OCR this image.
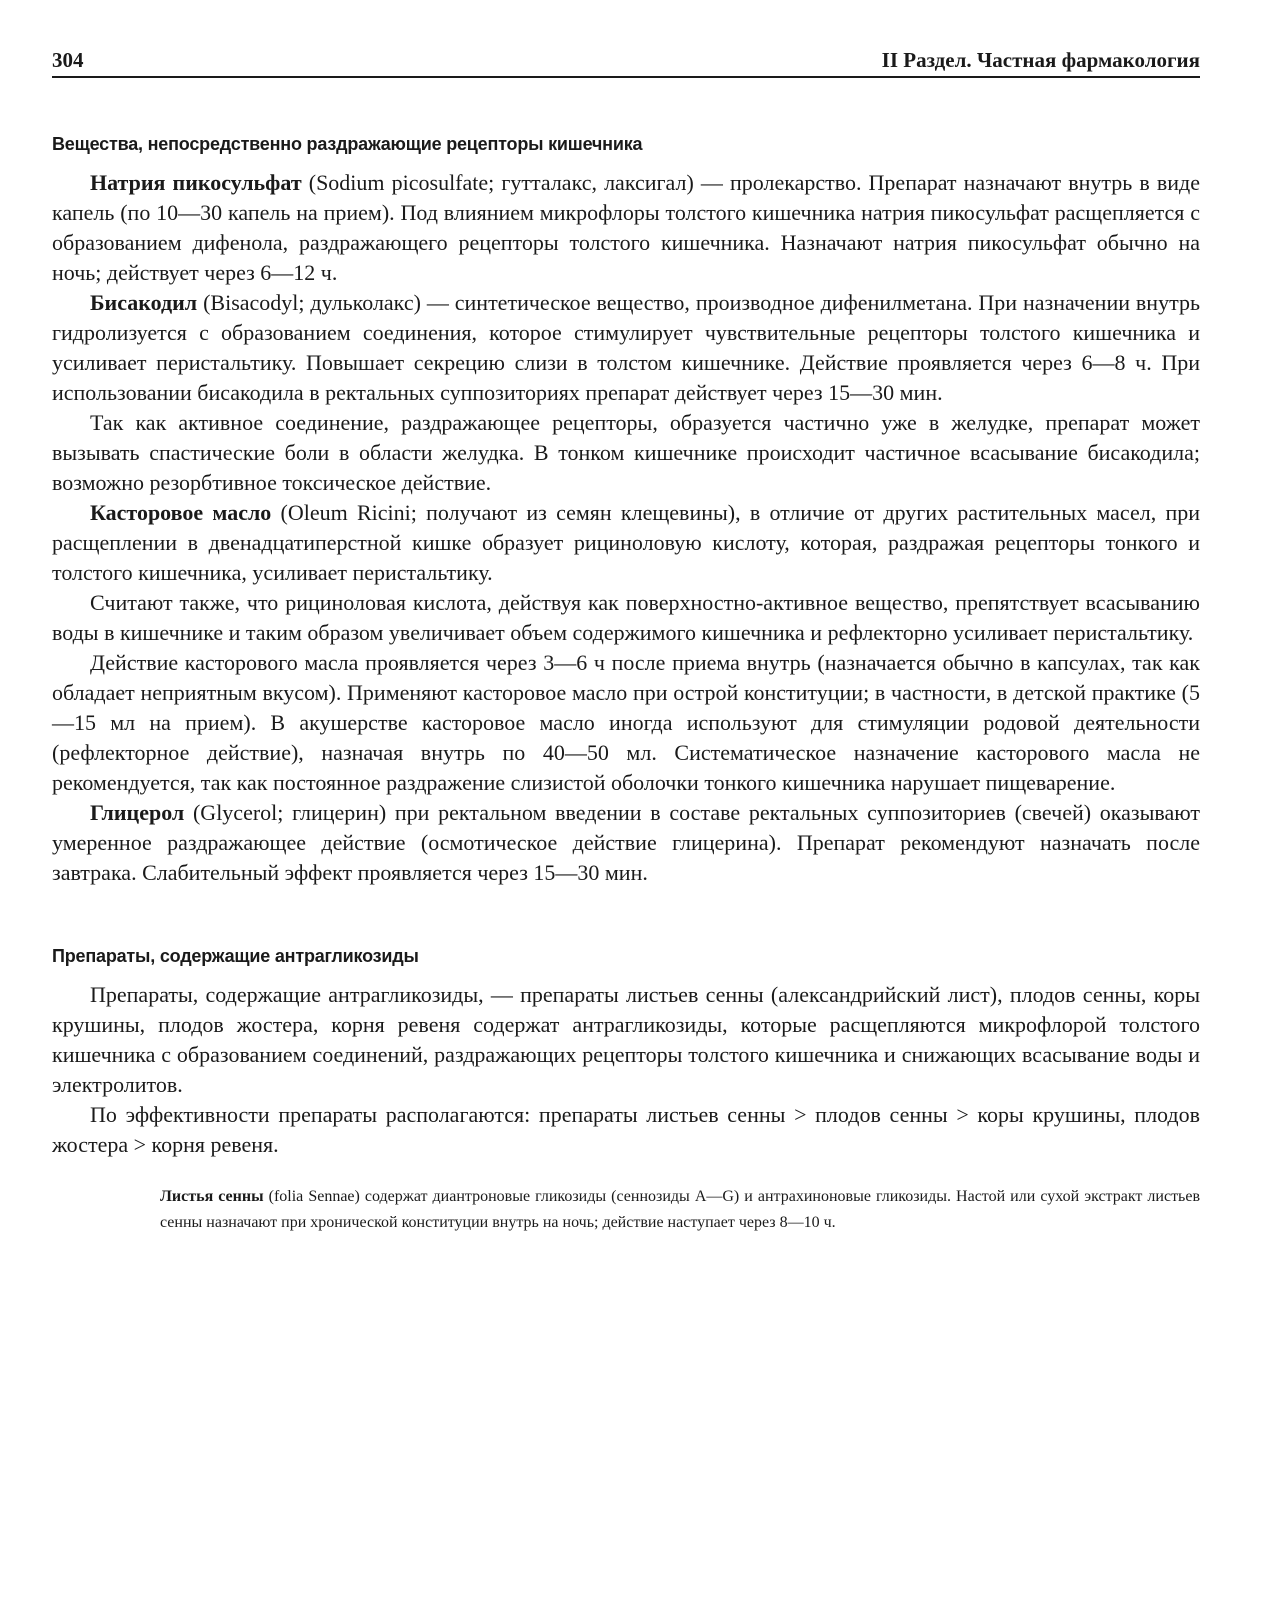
304	II Раздел. Частная фармакология
Вещества, непосредственно раздражающие рецепторы кишечника

Натрия пикосульфат (Sodium picosulfate; гутталакс, лаксигал) — пролекарство. Препарат назначают внутрь в виде капель (по 10—30 капель на прием). Под влиянием микрофлоры толстого кишечника натрия пикосульфат расщепляется с образованием дифенола, раздражающего рецепторы толстого кишечника. Назначают натрия пикосульфат обычно на ночь; действует через 6—12 ч.

Бисакодил (Bisacodyl; дульколакс) — синтетическое вещество, производное дифенилметана. При назначении внутрь гидролизуется с образованием соединения, которое стимулирует чувствительные рецепторы толстого кишечника и усиливает перистальтику. Повышает секрецию слизи в толстом кишечнике. Действие проявляется через 6—8 ч. При использовании бисакодила в ректальных суппозиториях препарат действует через 15—30 мин.

Так как активное соединение, раздражающее рецепторы, образуется частично уже в желудке, препарат может вызывать спастические боли в области желудка. В тонком кишечнике происходит частичное всасывание бисакодила; возможно резорбтивное токсическое действие.

Касторовое масло (Oleum Ricini; получают из семян клещевины), в отличие от других растительных масел, при расщеплении в двенадцатиперстной кишке образует рициноловую кислоту, которая, раздражая рецепторы тонкого и толстого кишечника, усиливает перистальтику.

Считают также, что рициноловая кислота, действуя как поверхностно-активное вещество, препятствует всасыванию воды в кишечнике и таким образом увеличивает объем содержимого кишечника и рефлекторно усиливает перистальтику.

Действие касторового масла проявляется через 3—6 ч после приема внутрь (назначается обычно в капсулах, так как обладает неприятным вкусом). Применяют касторовое масло при острой конституции; в частности, в детской практике (5—15 мл на прием). В акушерстве касторовое масло иногда используют для стимуляции родовой деятельности (рефлекторное действие), назначая внутрь по 40—50 мл. Систематическое назначение касторового масла не рекомендуется, так как постоянное раздражение слизистой оболочки тонкого кишечника нарушает пищеварение.

Глицерол (Glycerol; глицерин) при ректальном введении в составе ректальных суппозиториев (свечей) оказывают умеренное раздражающее действие (осмотическое действие глицерина). Препарат рекомендуют назначать после завтрака. Слабительный эффект проявляется через 15—30 мин.

Препараты, содержащие антрагликозиды

Препараты, содержащие антрагликозиды, — препараты листьев сенны (александрийский лист), плодов сенны, коры крушины, плодов жостера, корня ревеня содержат антрагликозиды, которые расщепляются микрофлорой толстого кишечника с образованием соединений, раздражающих рецепторы толстого кишечника и снижающих всасывание воды и электролитов.

По эффективности препараты располагаются: препараты листьев сенны > плодов сенны > коры крушины, плодов жостера > корня ревеня.

Листья сенны (folia Sennae) содержат диантроновые гликозиды (сеннозиды A—G) и антрахиноновые гликозиды. Настой или сухой экстракт листьев сенны назначают при хронической конституции внутрь на ночь; действие наступает через 8—10 ч.
